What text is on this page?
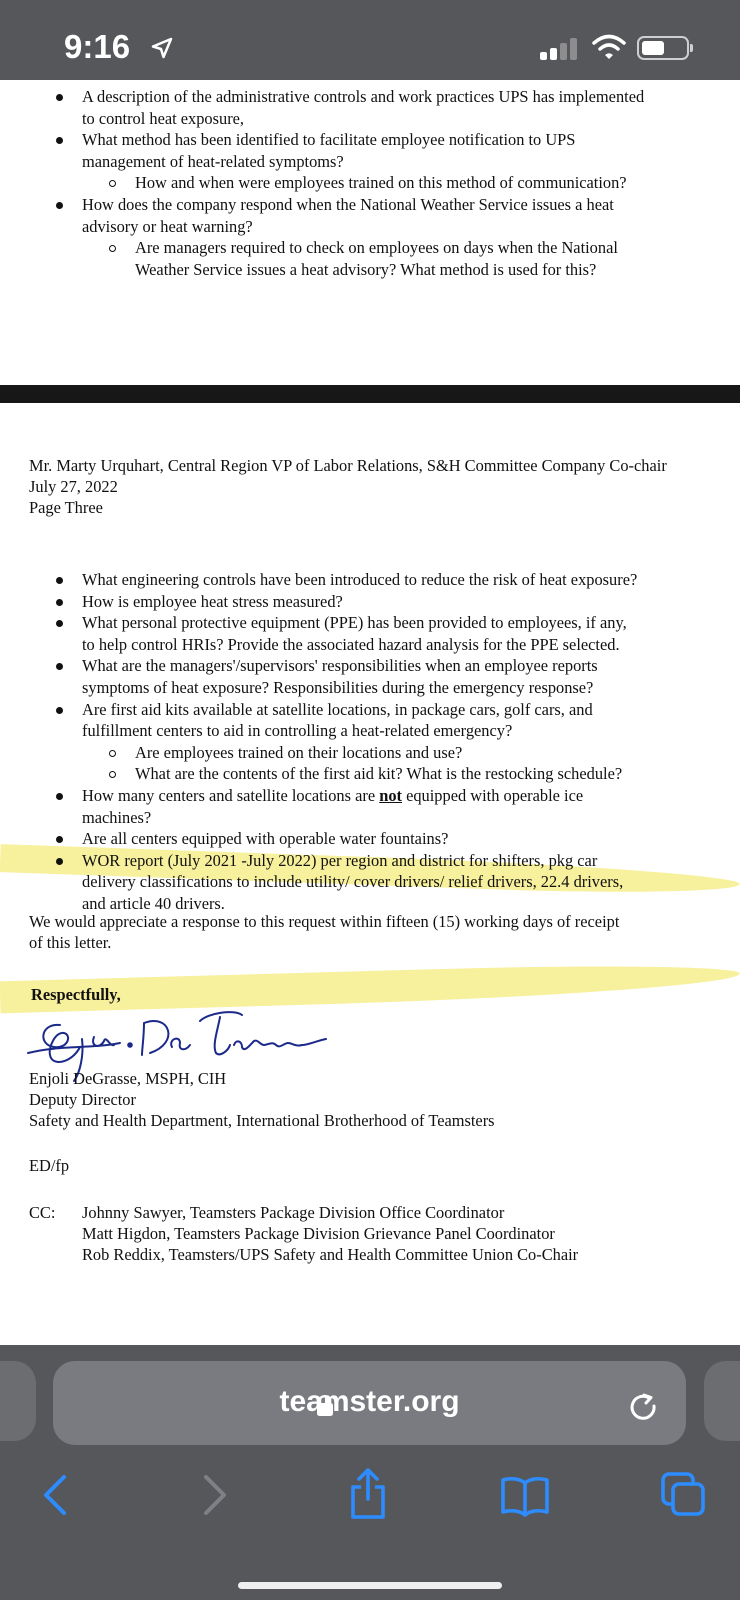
9:16
A description of the administrative controls and work practices UPS has implemented
to control heat exposure,
What method has been identified to facilitate employee notification to UPS
management of heat-related symptoms?
How and when were employees trained on this method of communication?
How does the company respond when the National Weather Service issues a heat
advisory or heat warning?
Are managers required to check on employees on days when the National
Weather Service issues a heat advisory? What method is used for this?
Mr. Marty Urquhart, Central Region VP of Labor Relations, S&H Committee Company Co-chair
July 27, 2022
Page Three
What engineering controls have been introduced to reduce the risk of heat exposure?
How is employee heat stress measured?
What personal protective equipment (PPE) has been provided to employees, if any,
to help control HRIs? Provide the associated hazard analysis for the PPE selected.
What are the managers'/supervisors' responsibilities when an employee reports
symptoms of heat exposure? Responsibilities during the emergency response?
Are first aid kits available at satellite locations, in package cars, golf cars, and
fulfillment centers to aid in controlling a heat-related emergency?
Are employees trained on their locations and use?
What are the contents of the first aid kit? What is the restocking schedule?
How many centers and satellite locations are not equipped with operable ice
machines?
Are all centers equipped with operable water fountains?
WOR report (July 2021 -July 2022) per region and district for shifters, pkg car
delivery classifications to include utility/ cover drivers/ relief drivers, 22.4 drivers,
and article 40 drivers.
We would appreciate a response to this request within fifteen (15) working days of receipt
of this letter.
Respectfully,
Enjoli DeGrasse, MSPH, CIH
Deputy Director
Safety and Health Department, International Brotherhood of Teamsters
ED/fp
CC: Johnny Sawyer, Teamsters Package Division Office Coordinator
Matt Higdon, Teamsters Package Division Grievance Panel Coordinator
Rob Reddix, Teamsters/UPS Safety and Health Committee Union Co-Chair
teamster.org
